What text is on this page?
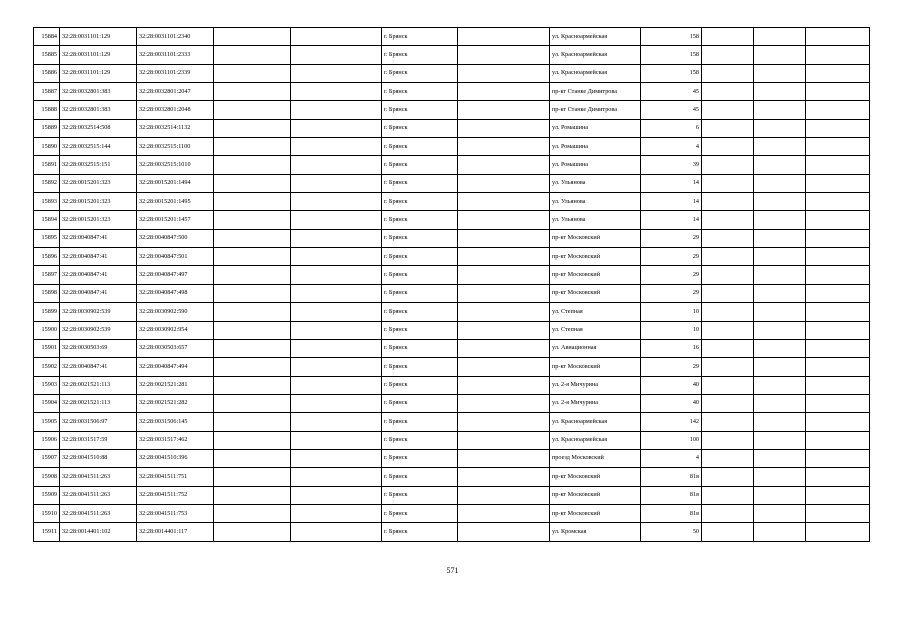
15884	32:28:0031101:129	32:28:0031101:2340			г. Брянск		ул. Красноармейская	158			
15885	32:28:0031101:129	32:28:0031101:2333			г. Брянск		ул. Красноармейская	158			
15886	32:28:0031101:129	32:28:0031101:2339			г. Брянск		ул. Красноармейская	158			
15887	32:28:0032801:383	32:28:0032801:2047			г. Брянск		пр-кт Станке Димитрова	45			
15888	32:28:0032801:383	32:28:0032801:2048			г. Брянск		пр-кт Станке Димитрова	45			
15889	32:28:0032514:508	32:28:0032514:1132			г. Брянск		ул. Ромашина	6			
15890	32:28:0032515:144	32:28:0032515:1100			г. Брянск		ул. Ромашина	4			
15891	32:28:0032515:151	32:28:0032515:1010			г. Брянск		ул. Ромашина	39			
15892	32:28:0015201:323	32:28:0015201:1494			г. Брянск		ул. Ульянова	14			
15893	32:28:0015201:323	32:28:0015201:1495			г. Брянск		ул. Ульянова	14			
15894	32:28:0015201:323	32:28:0015201:1457			г. Брянск		ул. Ульянова	14			
15895	32:28:0040847:41	32:28:0040847:500			г. Брянск		пр-кт Московский	29			
15896	32:28:0040847:41	32:28:0040847:501			г. Брянск		пр-кт Московский	29			
15897	32:28:0040847:41	32:28:0040847:497			г. Брянск		пр-кт Московский	29			
15898	32:28:0040847:41	32:28:0040847:498			г. Брянск		пр-кт Московский	29			
15899	32:28:0030902:539	32:28:0030902:590			г. Брянск		ул. Степная	10			
15900	32:28:0030902:539	32:28:0030902:954			г. Брянск		ул. Степная	10			
15901	32:28:0030503:69	32:28:0030503:657			г. Брянск		ул. Авиационная	16			
15902	32:28:0040847:41	32:28:0040847:494			г. Брянск		пр-кт Московский	29			
15903	32:28:0021521:113	32:28:0021521:281			г. Брянск		ул. 2-я Мичурина	40			
15904	32:28:0021521:113	32:28:0021521:282			г. Брянск		ул. 2-я Мичурина	40			
15905	32:28:0031506:97	32:28:0031506:145			г. Брянск		ул. Красноармейская	142			
15906	32:28:0031517:59	32:28:0031517:462			г. Брянск		ул. Красноармейская	100			
15907	32:28:0041510:88	32:28:0041510:396			г. Брянск		проезд Московский	4			
15908	32:28:0041511:263	32:28:0041511:751			г. Брянск		пр-кт Московский	81в			
15909	32:28:0041511:263	32:28:0041511:752			г. Брянск		пр-кт Московский	81в			
15910	32:28:0041511:263	32:28:0041511:753			г. Брянск		пр-кт Московский	81в			
15911	32:28:0014401:102	32:28:0014401:117			г. Брянск		ул. Кромская	50			
571
